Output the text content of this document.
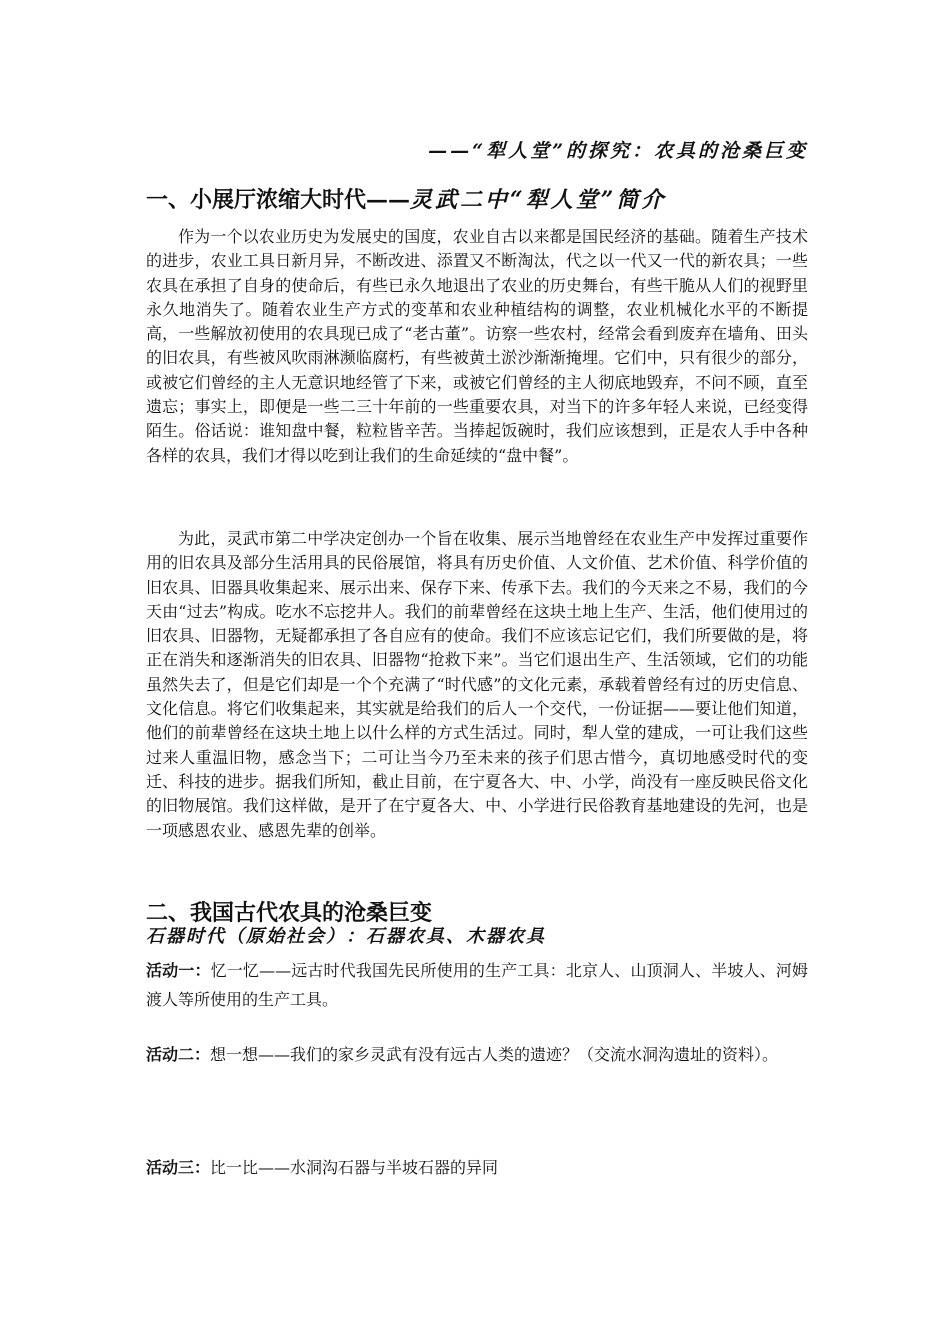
——“犁人堂”的探究：农具的沧桑巨变
一、小展厅浓缩大时代——灵武二中“犁人堂”简介

作为一个以农业历史为发展史的国度，农业自古以来都是国民经济的基础。随着生产技术的进步，农业工具日新月异，不断改进、添置又不断淘汰，代之以一代又一代的新农具；一些农具在承担了自身的使命后，有些已永久地退出了农业的历史舞台，有些干脆从人们的视野里永久地消失了。随着农业生产方式的变革和农业种植结构的调整，农业机械化水平的不断提高，一些解放初使用的农具现已成了“老古董”。访察一些农村，经常会看到废弃在墙角、田头的旧农具，有些被风吹雨淋濒临腐朽，有些被黄土淤沙渐渐掩埋。它们中，只有很少的部分，或被它们曾经的主人无意识地经管了下来，或被它们曾经的主人彻底地毁弃，不问不顾，直至遗忘；事实上，即便是一些二三十年前的一些重要农具，对当下的许多年轻人来说，已经变得陌生。俗话说：谁知盘中餐，粒粒皆辛苦。当捧起饭碗时，我们应该想到，正是农人手中各种各样的农具，我们才得以吃到让我们的生命延续的“盘中餐”。

为此，灵武市第二中学决定创办一个旨在收集、展示当地曾经在农业生产中发挥过重要作用的旧农具及部分生活用具的民俗展馆，将具有历史价值、人文价值、艺术价值、科学价值的旧农具、旧器具收集起来、展示出来、保存下来、传承下去。我们的今天来之不易，我们的今天由“过去”构成。吃水不忘挖井人。我们的前辈曾经在这块土地上生产、生活，他们使用过的旧农具、旧器物，无疑都承担了各自应有的使命。我们不应该忘记它们，我们所要做的是，将正在消失和逐渐消失的旧农具、旧器物“抢救下来”。当它们退出生产、生活领域，它们的功能虽然失去了，但是它们却是一个个充满了“时代感”的文化元素，承载着曾经有过的历史信息、文化信息。将它们收集起来，其实就是给我们的后人一个交代，一份证据——要让他们知道，他们的前辈曾经在这块土地上以什么样的方式生活过。同时，犁人堂的建成，一可让我们这些过来人重温旧物，感念当下；二可让当今乃至未来的孩子们思古惜今，真切地感受时代的变迁、科技的进步。据我们所知，截止目前，在宁夏各大、中、小学，尚没有一座反映民俗文化的旧物展馆。我们这样做，是开了在宁夏各大、中、小学进行民俗教育基地建设的先河，也是一项感恩农业、感恩先辈的创举。

二、我国古代农具的沧桑巨变
石器时代（原始社会）：石器农具、木器农具

活动一：忆一忆——远古时代我国先民所使用的生产工具：北京人、山顶洞人、半坡人、河姆渡人等所使用的生产工具。

活动二：想一想——我们的家乡灵武有没有远古人类的遗迹？（交流水洞沟遗址的资料）。

活动三：比一比——水洞沟石器与半坡石器的异同
